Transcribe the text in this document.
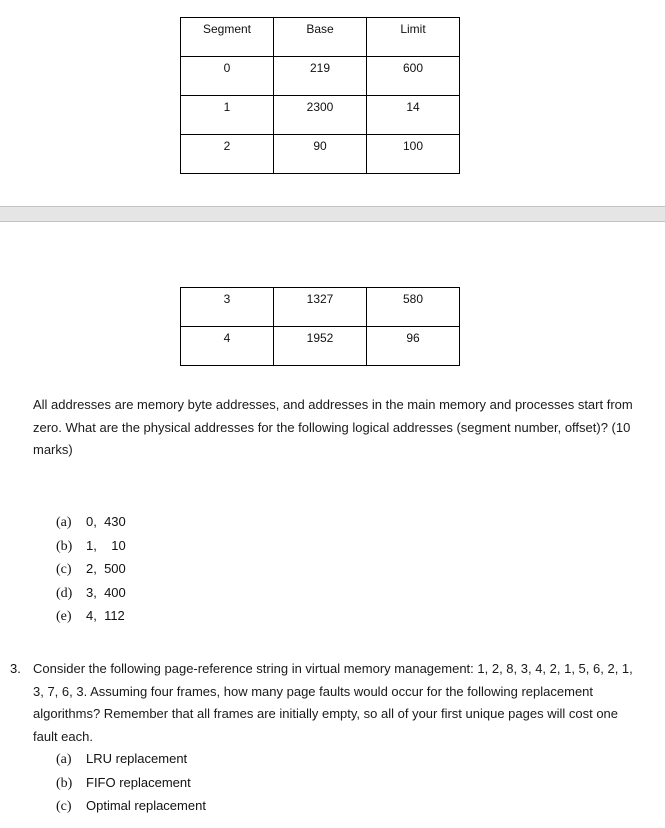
Segment	Base	Limit
0	219	600
1	2300	14
2	90	100
3	1327	580
4	1952	96
All addresses are memory byte addresses, and addresses in the main memory and processes start from zero. What are the physical addresses for the following logical addresses (segment number, offset)? (10 marks)
(a) 0,  430
(b) 1,    10
(c) 2,  500
(d) 3,  400
(e) 4,  112
3. Consider the following page-reference string in virtual memory management: 1, 2, 8, 3, 4, 2, 1, 5, 6, 2, 1, 3, 7, 6, 3. Assuming four frames, how many page faults would occur for the following replacement algorithms? Remember that all frames are initially empty, so all of your first unique pages will cost one fault each.
(a) LRU replacement
(b) FIFO replacement
(c) Optimal replacement
